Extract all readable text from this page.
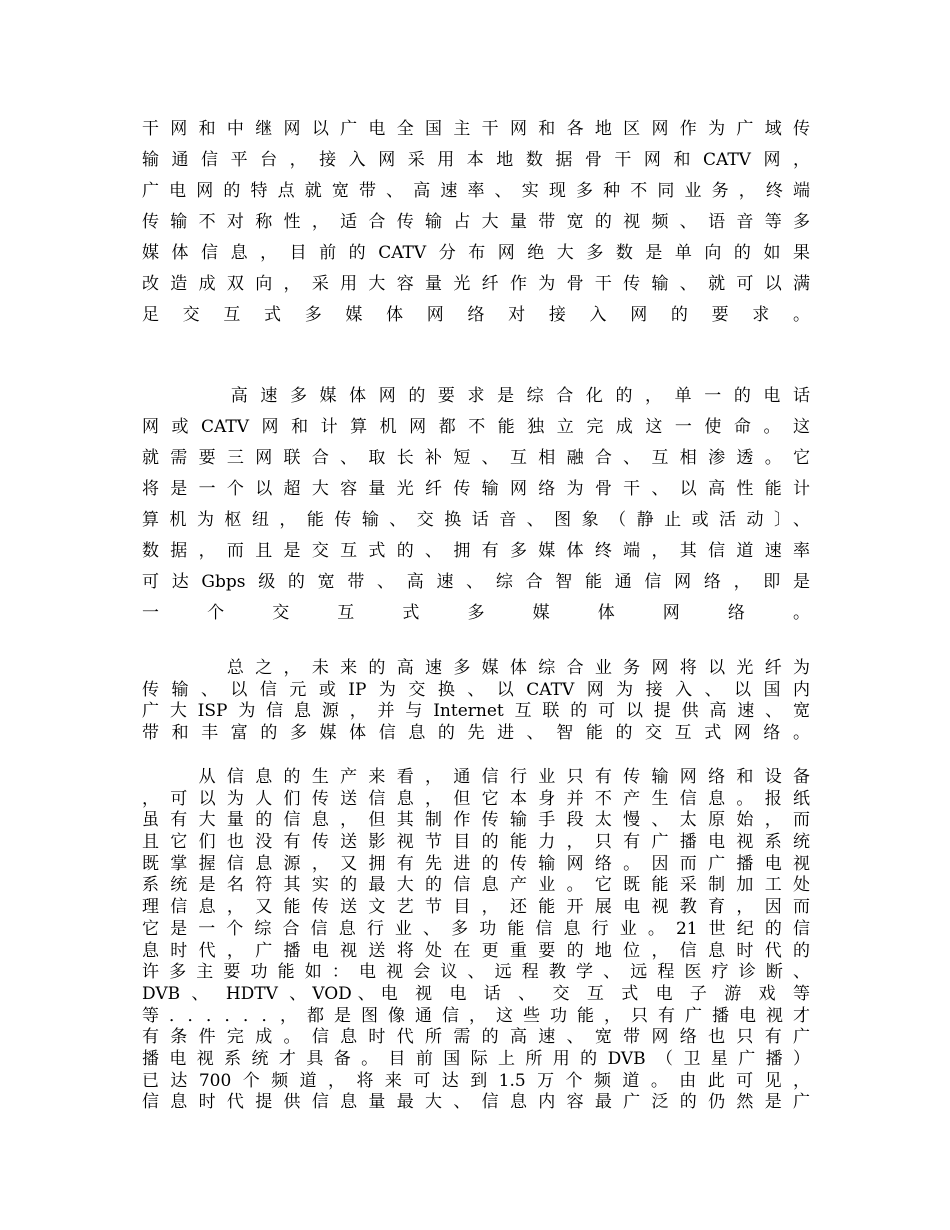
干网和中继网以广电全国主干网和各地区网作为广域传
输通信平台，接入网采用本地数据骨干网和CATV网，
广电网的特点就宽带、高速率、实现多种不同业务，终端
传输不对称性，适合传输占大量带宽的视频、语音等多
媒体信息，目前的CATV分布网绝大多数是单向的如果
改造成双向，采用大容量光纤作为骨干传输、就可以满
足交互式多媒体网络对接入网的要求。
　　　高速多媒体网的要求是综合化的，单一的电话
网或CATV网和计算机网都不能独立完成这一使命。这
就需要三网联合、取长补短、互相融合、互相渗透。它
将是一个以超大容量光纤传输网络为骨干、以高性能计
算机为枢纽，能传输、交换话音、图象（静止或活动〕、
数据，而且是交互式的、拥有多媒体终端，其信道速率
可达Gbps级的宽带、高速、综合智能通信网络，即是
一个交互式多媒体网络。
　　　总之，未来的高速多媒体综合业务网将以光纤为
传输、以信元或IP为交换、以CATV网为接入、以国内
广大ISP为信息源，并与Internet互联的可以提供高速、宽
带和丰富的多媒体信息的先进、智能的交互式网络。
　　从信息的生产来看，通信行业只有传输网络和设备
，可以为人们传送信息，但它本身并不产生信息。报纸
虽有大量的信息，但其制作传输手段太慢、太原始，而
且它们也没有传送影视节目的能力，只有广播电视系统
既掌握信息源，又拥有先进的传输网络。因而广播电视
系统是名符其实的最大的信息产业。它既能采制加工处
理信息，又能传送文艺节目，还能开展电视教育，因而
它是一个综合信息行业、多功能信息行业。21世纪的信
息时代，广播电视送将处在更重要的地位，信息时代的
许多主要功能如：电视会议、远程教学、远程医疗诊断、
DVB 、 HDTV 、VOD、电 视 电 话 、 交 互 式 电 子 游 戏 等
等．．．．．．，都是图像通信，这些功能，只有广播电视才
有条件完成。信息时代所需的高速、宽带网络也只有广
播电视系统才具备。目前国际上所用的DVB（卫星广播）
已达700个频道，将来可达到1.5万个频道。由此可见，
信息时代提供信息量最大、信息内容最广泛的仍然是广
